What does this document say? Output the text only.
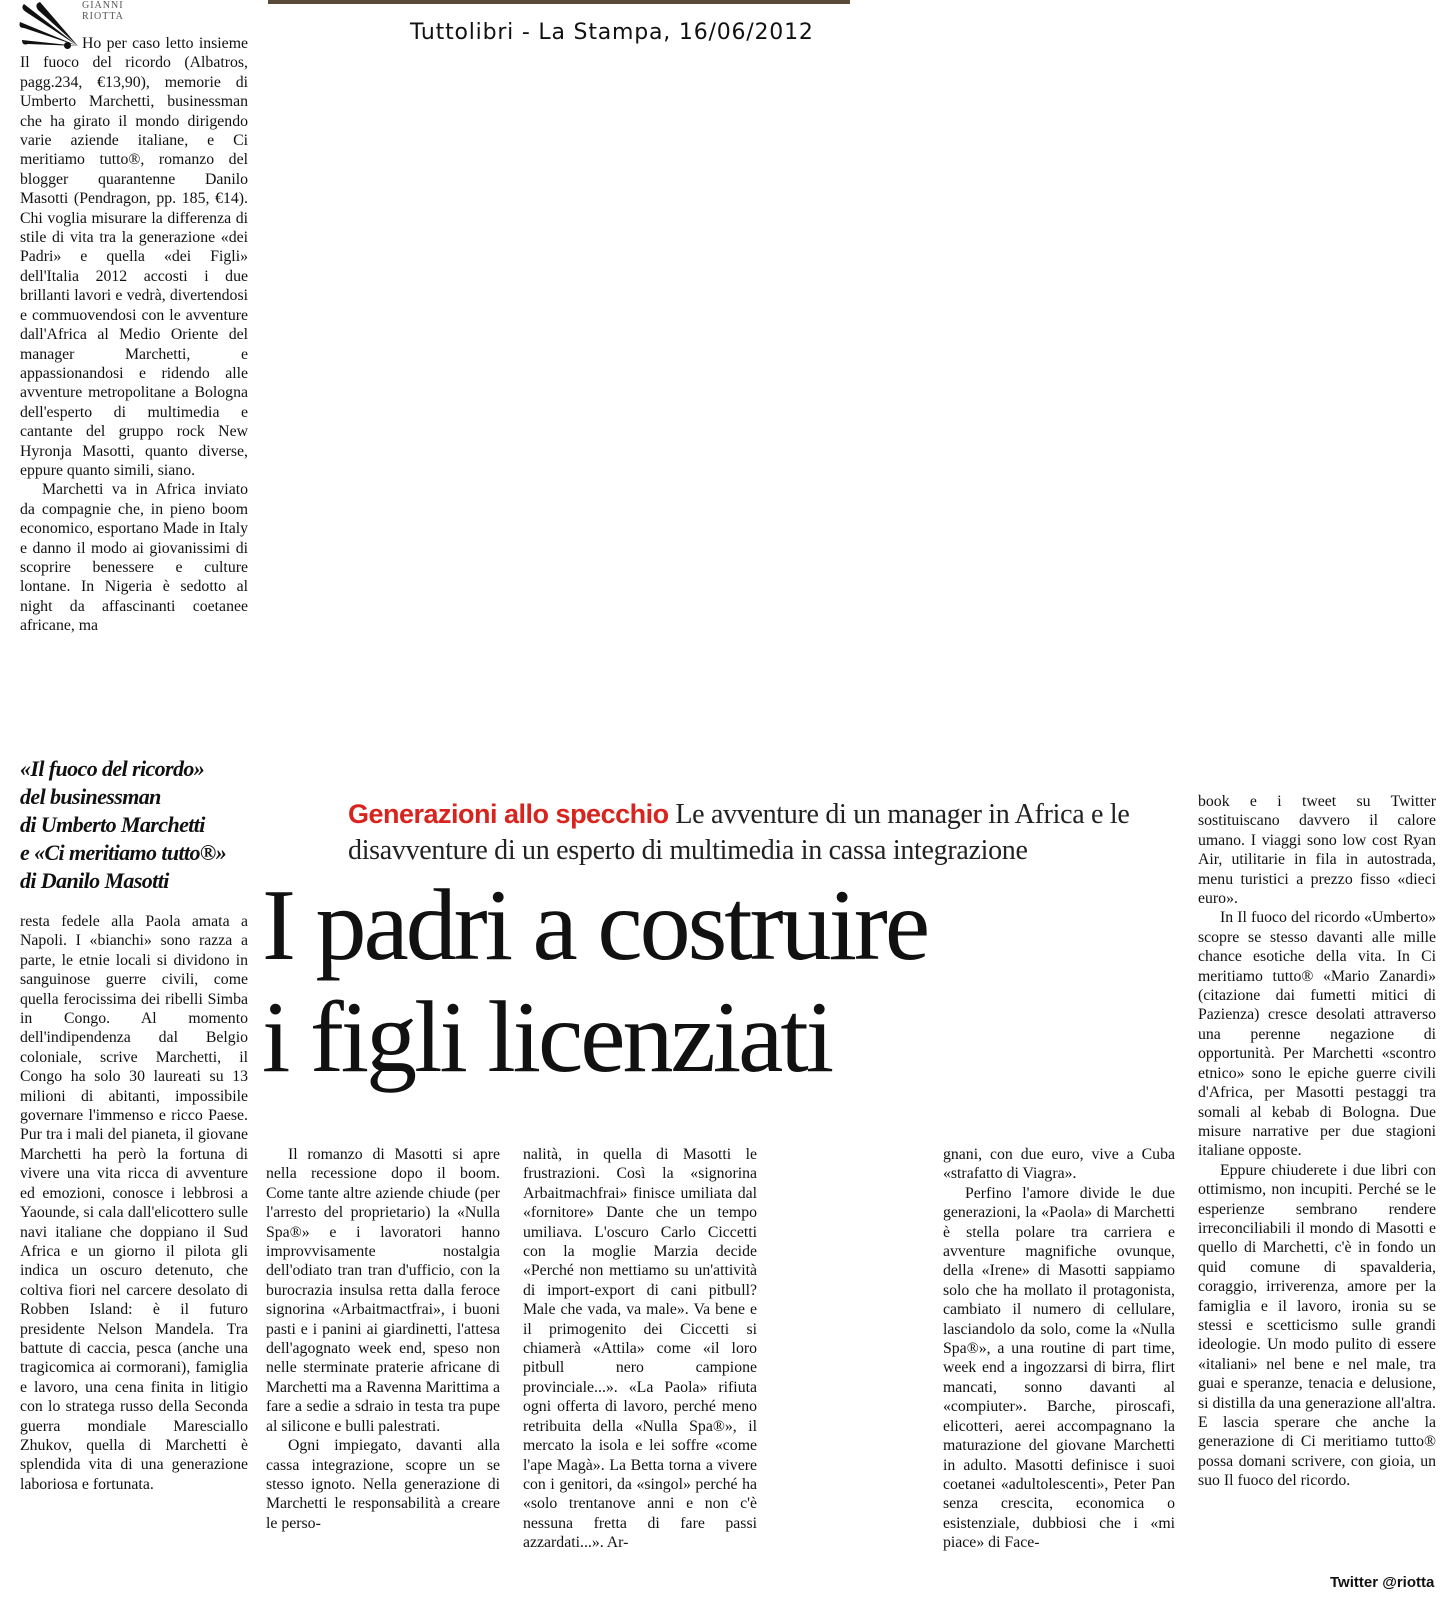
GIANNI
RIOTTA
Tuttolibri - La Stampa, 16/06/2012

Ho per caso letto insieme Il fuoco del ricordo (Albatros, pagg.234, €13,90), memorie di Umberto Marchetti, businessman che ha girato il mondo dirigendo varie aziende italiane, e Ci meritiamo tutto®, romanzo del blogger quarantenne Danilo Masotti (Pendragon, pp. 185, €14). Chi voglia misurare la differenza di stile di vita tra la generazione «dei Padri» e quella «dei Figli» dell'Italia 2012 accosti i due brillanti lavori e vedrà, divertendosi e commuovendosi con le avventure dall'Africa al Medio Oriente del manager Marchetti, e appassionandosi e ridendo alle avventure metropolitane a Bologna dell'esperto di multimedia e cantante del gruppo rock New Hyronja Masotti, quanto diverse, eppure quanto simili, siano.

Marchetti va in Africa inviato da compagnie che, in pieno boom economico, esportano Made in Italy e danno il modo ai giovanissimi di scoprire benessere e culture lontane. In Nigeria è sedotto al night da affascinanti coetanee africane, ma

«Il fuoco del ricordo»
del businessman
di Umberto Marchetti
e «Ci meritiamo tutto®»
di Danilo Masotti

resta fedele alla Paola amata a Napoli. I «bianchi» sono razza a parte, le etnie locali si dividono in sanguinose guerre civili, come quella ferocissima dei ribelli Simba in Congo. Al momento dell'indipendenza dal Belgio coloniale, scrive Marchetti, il Congo ha solo 30 laureati su 13 milioni di abitanti, impossibile governare l'immenso e ricco Paese. Pur tra i mali del pianeta, il giovane Marchetti ha però la fortuna di vivere una vita ricca di avventure ed emozioni, conosce i lebbrosi a Yaounde, si cala dall'elicottero sulle navi italiane che doppiano il Sud Africa e un giorno il pilota gli indica un oscuro detenuto, che coltiva fiori nel carcere desolato di Robben Island: è il futuro presidente Nelson Mandela. Tra battute di caccia, pesca (anche una tragicomica ai cormorani), famiglia e lavoro, una cena finita in litigio con lo stratega russo della Seconda guerra mondiale Maresciallo Zhukov, quella di Marchetti è splendida vita di una generazione laboriosa e fortunata.

Generazioni allo specchio Le avventure di un manager in Africa e le disavventure di un esperto di multimedia in cassa integrazione
I padri a costruire
i figli licenziati

Il romanzo di Masotti si apre nella recessione dopo il boom. Come tante altre aziende chiude (per l'arresto del proprietario) la «Nulla Spa®» e i lavoratori hanno improvvisamente nostalgia dell'odiato tran tran d'ufficio, con la burocrazia insulsa retta dalla feroce signorina «Arbaitmactfrai», i buoni pasti e i panini ai giardinetti, l'attesa dell'agognato week end, speso non nelle sterminate praterie africane di Marchetti ma a Ravenna Marittima a fare a sedie a sdraio in testa tra pupe al silicone e bulli palestrati.

Ogni impiegato, davanti alla cassa integrazione, scopre un se stesso ignoto. Nella generazione di Marchetti le responsabilità a creare le perso-

nalità, in quella di Masotti le frustrazioni. Così la «signorina Arbaitmachfrai» finisce umiliata dal «fornitore» Dante che un tempo umiliava. L'oscuro Carlo Ciccetti con la moglie Marzia decide «Perché non mettiamo su un'attività di import-export di cani pitbull? Male che vada, va male». Va bene e il primogenito dei Ciccetti si chiamerà «Attila» come «il loro pitbull nero campione provinciale...». «La Paola» rifiuta ogni offerta di lavoro, perché meno retribuita della «Nulla Spa®», il mercato la isola e lei soffre «come l'ape Magà». La Betta torna a vivere con i genitori, da «singol» perché ha «solo trentanove anni e non c'è nessuna fretta di fare passi azzardati...». Ar-

gnani, con due euro, vive a Cuba «strafatto di Viagra».

Perfino l'amore divide le due generazioni, la «Paola» di Marchetti è stella polare tra carriera e avventure magnifiche ovunque, della «Irene» di Masotti sappiamo solo che ha mollato il protagonista, cambiato il numero di cellulare, lasciandolo da solo, come la «Nulla Spa®», a una routine di part time, week end a ingozzarsi di birra, flirt mancati, sonno davanti al «compiuter». Barche, piroscafi, elicotteri, aerei accompagnano la maturazione del giovane Marchetti in adulto. Masotti definisce i suoi coetanei «adultolescenti», Peter Pan senza crescita, economica o esistenziale, dubbiosi che i «mi piace» di Face-

book e i tweet su Twitter sostituiscano davvero il calore umano. I viaggi sono low cost Ryan Air, utilitarie in fila in autostrada, menu turistici a prezzo fisso «dieci euro».

In Il fuoco del ricordo «Umberto» scopre se stesso davanti alle mille chance esotiche della vita. In Ci meritiamo tutto® «Mario Zanardi» (citazione dai fumetti mitici di Pazienza) cresce desolati attraverso una perenne negazione di opportunità. Per Marchetti «scontro etnico» sono le epiche guerre civili d'Africa, per Masotti pestaggi tra somali al kebab di Bologna. Due misure narrative per due stagioni italiane opposte.

Eppure chiuderete i due libri con ottimismo, non incupiti. Perché se le esperienze sembrano rendere irreconciliabili il mondo di Masotti e quello di Marchetti, c'è in fondo un quid comune di spavalderia, coraggio, irriverenza, amore per la famiglia e il lavoro, ironia su se stessi e scetticismo sulle grandi ideologie. Un modo pulito di essere «italiani» nel bene e nel male, tra guai e speranze, tenacia e delusione, si distilla da una generazione all'altra. E lascia sperare che anche la generazione di Ci meritiamo tutto® possa domani scrivere, con gioia, un suo Il fuoco del ricordo.

Twitter @riotta
